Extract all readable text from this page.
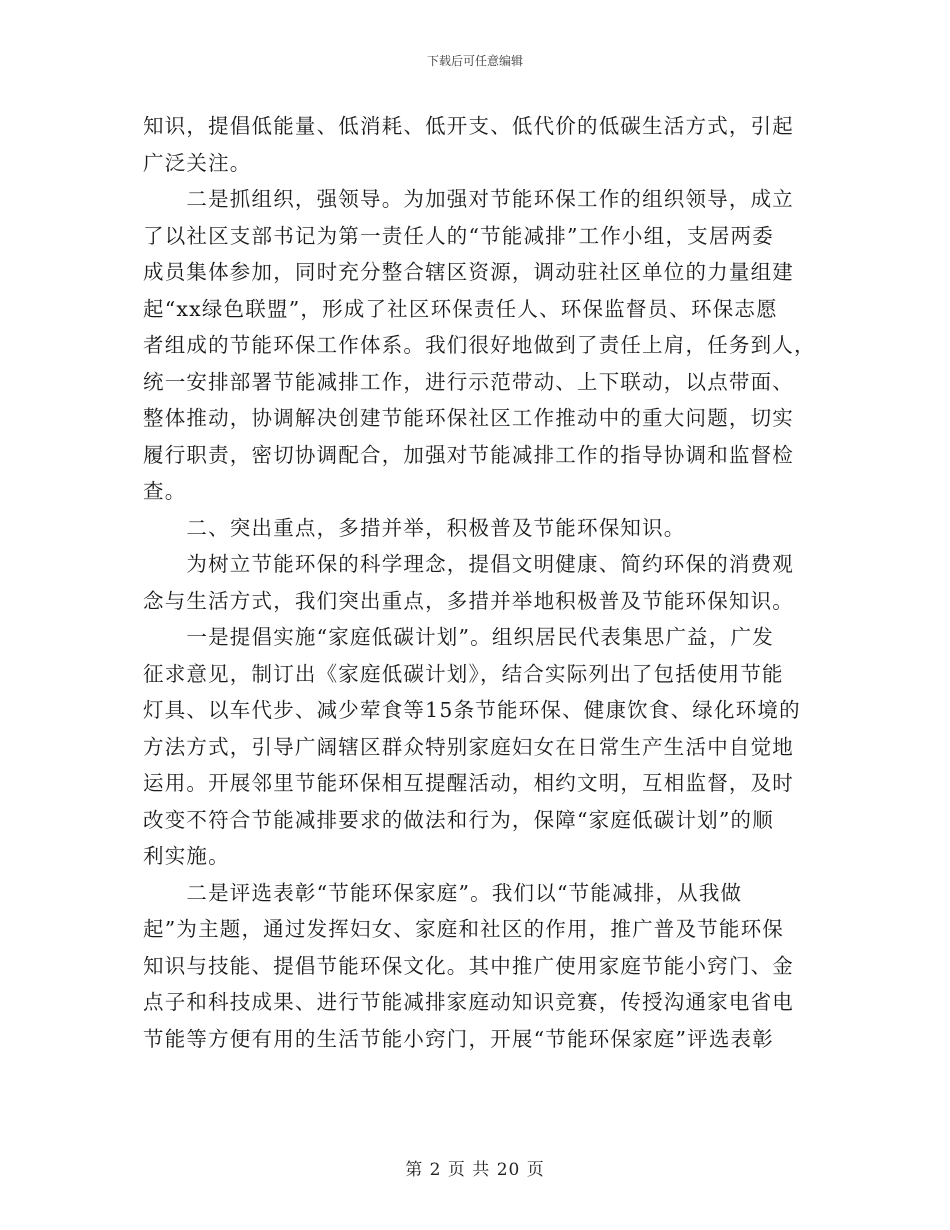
下载后可任意编辑
知识，提倡低能量、低消耗、低开支、低代价的低碳生活方式，引起
广泛关注。
　　二是抓组织，强领导。为加强对节能环保工作的组织领导，成立
了以社区支部书记为第一责任人的“节能减排”工作小组，支居两委
成员集体参加，同时充分整合辖区资源，调动驻社区单位的力量组建
起“xx绿色联盟”，形成了社区环保责任人、环保监督员、环保志愿
者组成的节能环保工作体系。我们很好地做到了责任上肩，任务到人，
统一安排部署节能减排工作，进行示范带动、上下联动，以点带面、
整体推动，协调解决创建节能环保社区工作推动中的重大问题，切实
履行职责，密切协调配合，加强对节能减排工作的指导协调和监督检
查。
　　二、突出重点，多措并举，积极普及节能环保知识。
　　为树立节能环保的科学理念，提倡文明健康、简约环保的消费观
念与生活方式，我们突出重点，多措并举地积极普及节能环保知识。
　　一是提倡实施“家庭低碳计划”。组织居民代表集思广益，广发
征求意见，制订出《家庭低碳计划》，结合实际列出了包括使用节能
灯具、以车代步、减少荤食等15条节能环保、健康饮食、绿化环境的
方法方式，引导广阔辖区群众特别家庭妇女在日常生产生活中自觉地
运用。开展邻里节能环保相互提醒活动，相约文明，互相监督，及时
改变不符合节能减排要求的做法和行为，保障“家庭低碳计划”的顺
利实施。
　　二是评选表彰“节能环保家庭”。我们以“节能减排，从我做
起”为主题，通过发挥妇女、家庭和社区的作用，推广普及节能环保
知识与技能、提倡节能环保文化。其中推广使用家庭节能小窍门、金
点子和科技成果、进行节能减排家庭动知识竞赛，传授沟通家电省电
节能等方便有用的生活节能小窍门，开展“节能环保家庭”评选表彰
第 2 页 共 20 页
